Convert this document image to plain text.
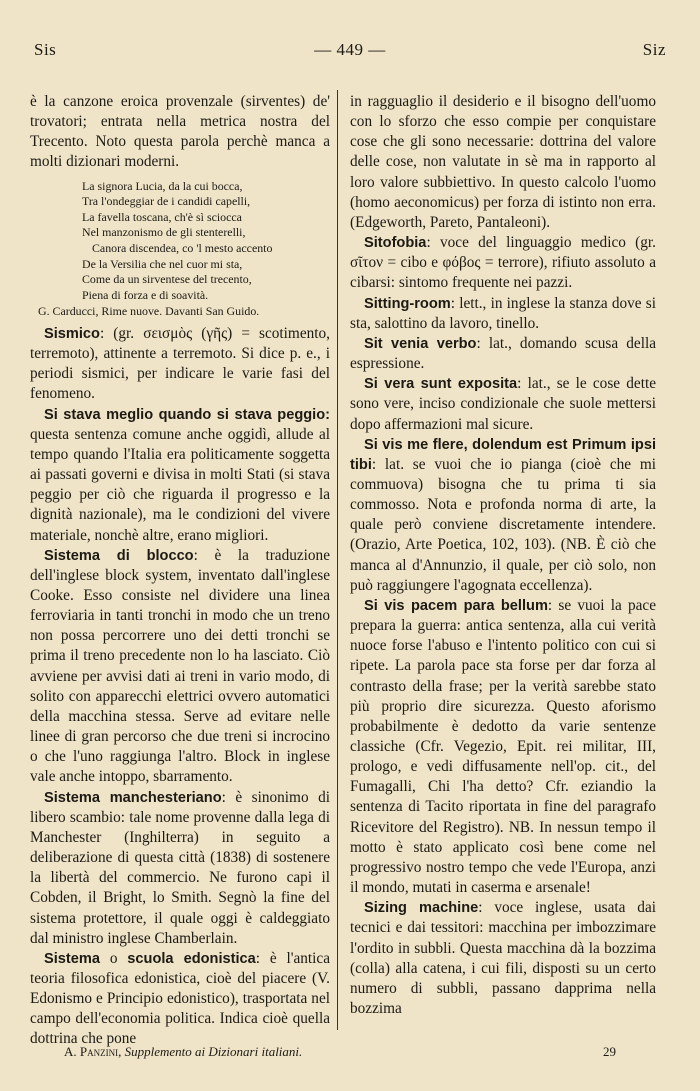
Sis	— 449 —	Siz

è la canzone eroica provenzale (sirventes) de' trovatori; entrata nella metrica nostra del Trecento. Noto questa parola perchè manca a molti dizionari moderni.

La signora Lucia, da la cui bocca,
Tra l'ondeggiar de i candidi capelli,
La favella toscana, ch'è sì sciocca
Nel manzonismo de gli stenterelli,
Canora discendea, co 'l mesto accento
De la Versilia che nel cuor mi sta,
Come da un sirventese del trecento,
Piena di forza e di soavità.
G. Carducci, Rime nuove. Davanti San Guido.

Sismico: (gr. σεισμὸς (γῆς) = scotimento, terremoto), attinente a terremoto. Si dice p. e., i periodi sismici, per indicare le varie fasi del fenomeno.

Si stava meglio quando si stava peggio: questa sentenza comune anche oggidì, allude al tempo quando l'Italia era politicamente soggetta ai passati governi e divisa in molti Stati (si stava peggio per ciò che riguarda il progresso e la dignità nazionale), ma le condizioni del vivere materiale, nonchè altre, erano migliori.

Sistema di blocco: è la traduzione dell'inglese block system, inventato dall'inglese Cooke. Esso consiste nel dividere una linea ferroviaria in tanti tronchi in modo che un treno non possa percorrere uno dei detti tronchi se prima il treno precedente non lo ha lasciato. Ciò avviene per avvisi dati ai treni in vario modo, di solito con apparecchi elettrici ovvero automatici della macchina stessa. Serve ad evitare nelle linee di gran percorso che due treni si incrocino o che l'uno raggiunga l'altro. Block in inglese vale anche intoppo, sbarramento.

Sistema manchesteriano: è sinonimo di libero scambio: tale nome provenne dalla lega di Manchester (Inghilterra) in seguito a deliberazione di questa città (1838) di sostenere la libertà del commercio. Ne furono capi il Cobden, il Bright, lo Smith. Segnò la fine del sistema protettore, il quale oggi è caldeggiato dal ministro inglese Chamberlain.

Sistema o scuola edonistica: è l'antica teoria filosofica edonistica, cioè del piacere (V. Edonismo e Principio edonistico), trasportata nel campo dell'economia politica. Indica cioè quella dottrina che pone

in ragguaglio il desiderio e il bisogno dell'uomo con lo sforzo che esso compie per conquistare cose che gli sono necessarie: dottrina del valore delle cose, non valutate in sè ma in rapporto al loro valore subbiettivo. In questo calcolo l'uomo (homo aeconomicus) per forza di istinto non erra. (Edgeworth, Pareto, Pantaleoni).

Sitofobia: voce del linguaggio medico (gr. σῖτον = cibo e φόβος = terrore), rifiuto assoluto a cibarsi: sintomo frequente nei pazzi.

Sitting-room: lett., in inglese la stanza dove si sta, salottino da lavoro, tinello.

Sit venia verbo: lat., domando scusa della espressione.

Si vera sunt exposita: lat., se le cose dette sono vere, inciso condizionale che suole mettersi dopo affermazioni mal sicure.

Si vis me flere, dolendum est Primum ipsi tibi: lat. se vuoi che io pianga (cioè che mi commuova) bisogna che tu prima ti sia commosso. Nota e profonda norma di arte, la quale però conviene discretamente intendere. (Orazio, Arte Poetica, 102, 103). (NB. È ciò che manca al d'Annunzio, il quale, per ciò solo, non può raggiungere l'agognata eccellenza).

Si vis pacem para bellum: se vuoi la pace prepara la guerra: antica sentenza, alla cui verità nuoce forse l'abuso e l'intento politico con cui si ripete. La parola pace sta forse per dar forza al contrasto della frase; per la verità sarebbe stato più proprio dire sicurezza. Questo aforismo probabilmente è dedotto da varie sentenze classiche (Cfr. Vegezio, Epit. rei militar, III, prologo, e vedi diffusamente nell'op. cit., del Fumagalli, Chi l'ha detto? Cfr. eziandio la sentenza di Tacito riportata in fine del paragrafo Ricevitore del Registro). NB. In nessun tempo il motto è stato applicato così bene come nel progressivo nostro tempo che vede l'Europa, anzi il mondo, mutati in caserma e arsenale!

Sizing machine: voce inglese, usata dai tecnici e dai tessitori: macchina per imbozzimare l'ordito in subbli. Questa macchina dà la bozzima (colla) alla catena, i cui fili, disposti su un certo numero di subbli, passano dapprima nella bozzima

A. Panzini, Supplemento ai Dizionari italiani.	29
